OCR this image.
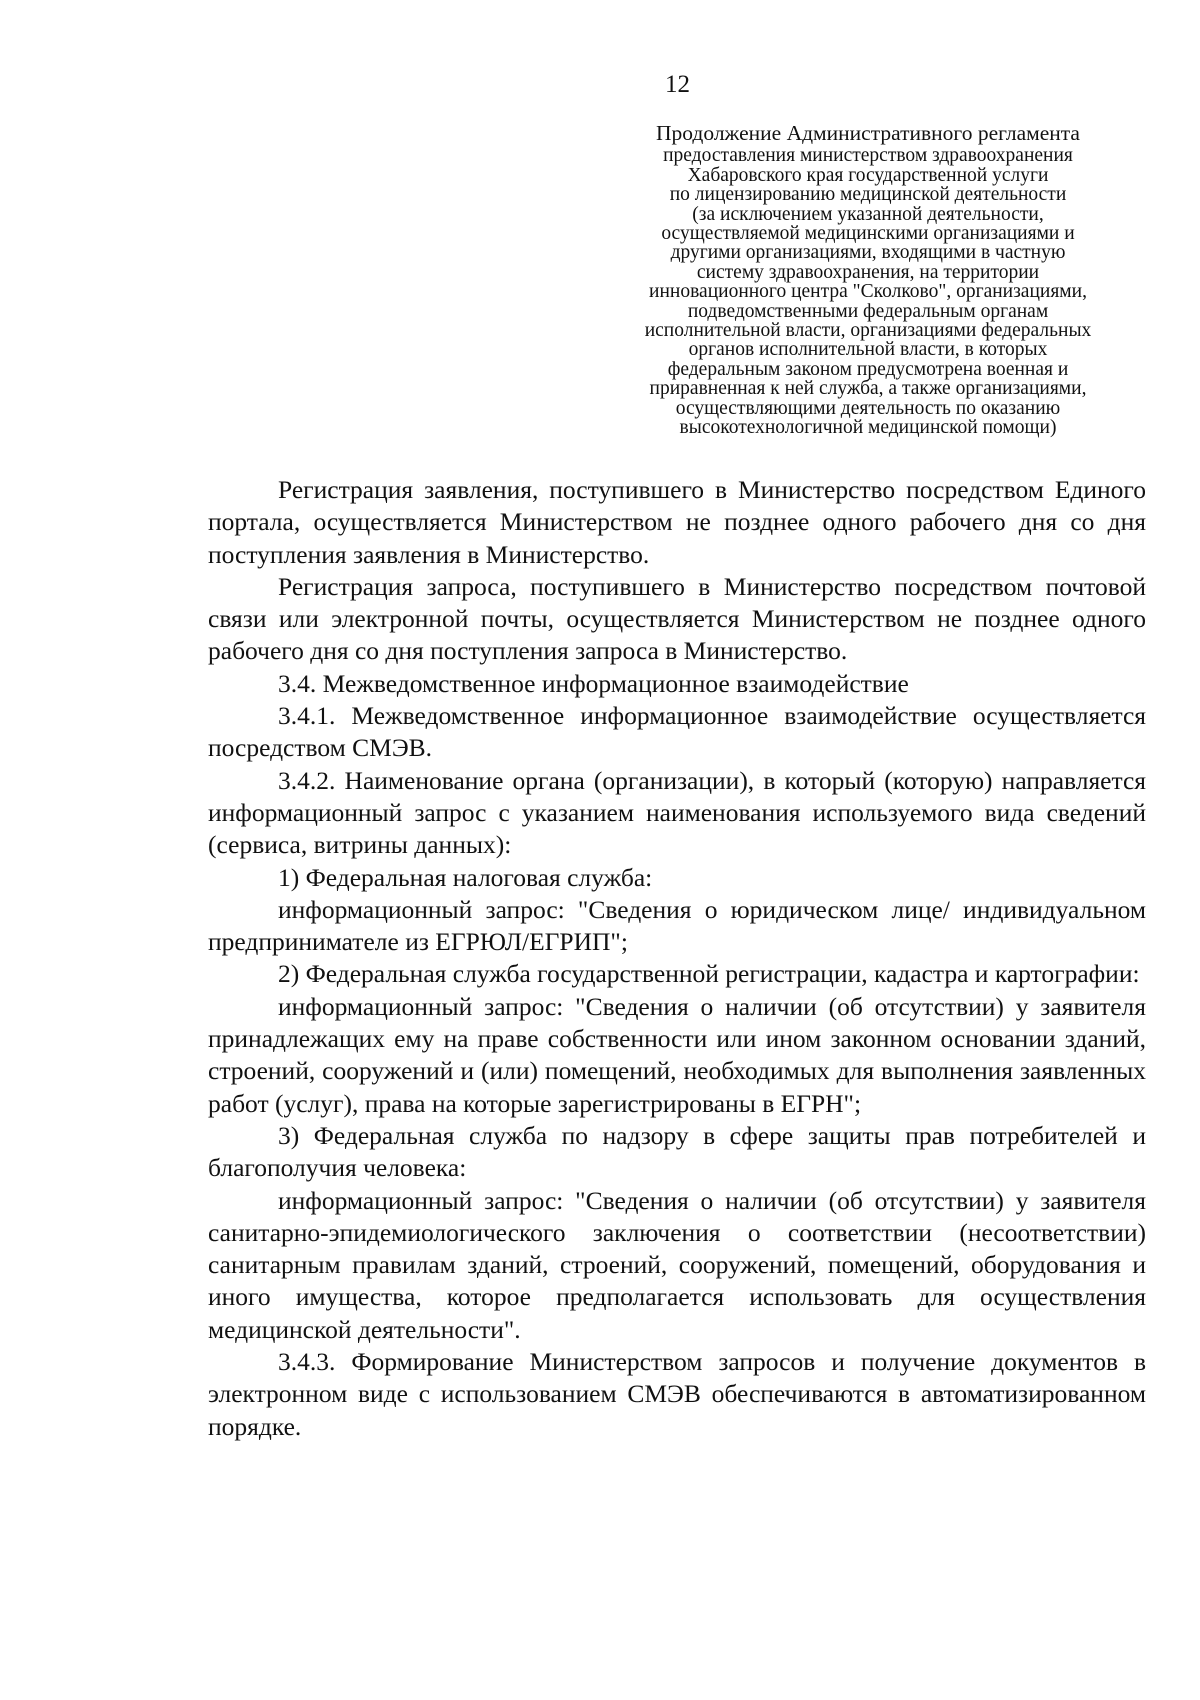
12
Продолжение Административного регламента
предоставления министерством здравоохранения
Хабаровского края государственной услуги
по лицензированию медицинской деятельности
(за исключением указанной деятельности,
осуществляемой медицинскими организациями и
другими организациями, входящими в частную
систему здравоохранения, на территории
инновационного центра "Сколково", организациями,
подведомственными федеральным органам
исполнительной власти, организациями федеральных
органов исполнительной власти, в которых
федеральным законом предусмотрена военная и
приравненная к ней служба, а также организациями,
осуществляющими деятельность по оказанию
высокотехнологичной медицинской помощи)

Регистрация заявления, поступившего в Министерство посредством Единого портала, осуществляется Министерством не позднее одного рабочего дня со дня поступления заявления в Министерство.

Регистрация запроса, поступившего в Министерство посредством почтовой связи или электронной почты, осуществляется Министерством не позднее одного рабочего дня со дня поступления запроса в Министерство.

3.4. Межведомственное информационное взаимодействие

3.4.1. Межведомственное информационное взаимодействие осуществляется посредством СМЭВ.

3.4.2. Наименование органа (организации), в который (которую) направляется информационный запрос с указанием наименования используемого вида сведений (сервиса, витрины данных):

1) Федеральная налоговая служба:

информационный запрос: "Сведения о юридическом лице/ индивидуальном предпринимателе из ЕГРЮЛ/ЕГРИП";

2) Федеральная служба государственной регистрации, кадастра и картографии:

информационный запрос: "Сведения о наличии (об отсутствии) у заявителя принадлежащих ему на праве собственности или ином законном основании зданий, строений, сооружений и (или) помещений, необходимых для выполнения заявленных работ (услуг), права на которые зарегистрированы в ЕГРН";

3) Федеральная служба по надзору в сфере защиты прав потребителей и благополучия человека:

информационный запрос: "Сведения о наличии (об отсутствии) у заявителя санитарно-эпидемиологического заключения о соответствии (несоответствии) санитарным правилам зданий, строений, сооружений, помещений, оборудования и иного имущества, которое предполагается использовать для осуществления медицинской деятельности".

3.4.3. Формирование Министерством запросов и получение документов в электронном виде с использованием СМЭВ обеспечиваются в автоматизированном порядке.
